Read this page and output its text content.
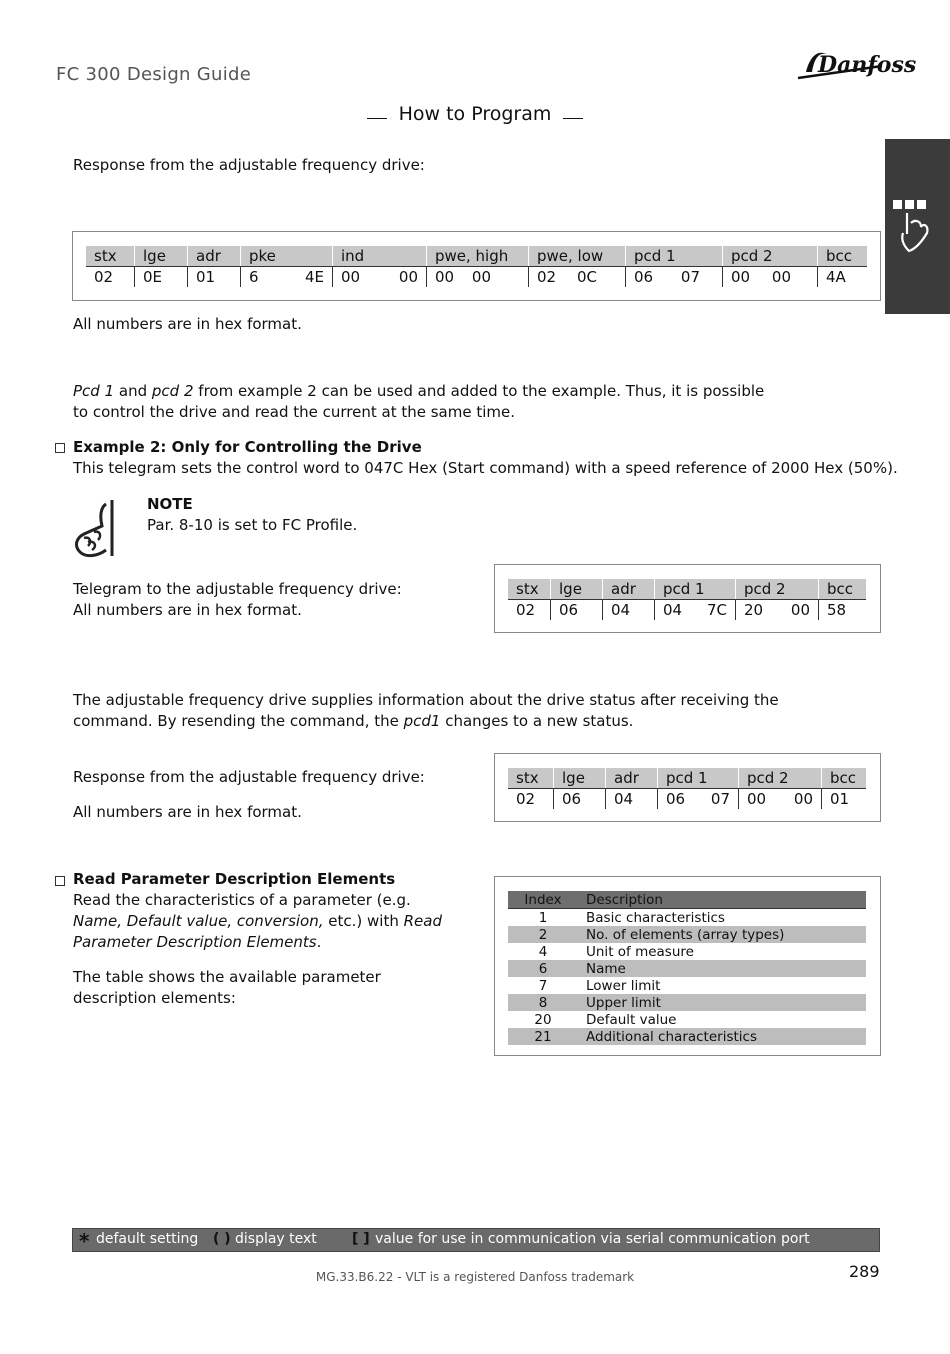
FC 300 Design Guide	Danfoss
How to Program
Response from the adjustable frequency drive:
stx	lge	adr	pke	ind	pwe, high	pwe, low	pcd 1	pcd 2	bcc
02	0E	01	6 4E	00 00	00 00	02 0C	06 07	00 00	4A
All numbers are in hex format.
Pcd 1 and pcd 2 from example 2 can be used and added to the example. Thus, it is possible
to control the drive and read the current at the same time.
Example 2: Only for Controlling the Drive
This telegram sets the control word to 047C Hex (Start command) with a speed reference of 2000 Hex (50%).
NOTE
Par. 8-10 is set to FC Profile.
Telegram to the adjustable frequency drive:
All numbers are in hex format.
stx	lge	adr	pcd 1	pcd 2	bcc
02	06	04	04 7C	20 00	58
The adjustable frequency drive supplies information about the drive status after receiving the
command. By resending the command, the pcd1 changes to a new status.
Response from the adjustable frequency drive:
All numbers are in hex format.
stx	lge	adr	pcd 1	pcd 2	bcc
02	06	04	06 07	00 00	01
Read Parameter Description Elements
Read the characteristics of a parameter (e.g.
Name, Default value, conversion, etc.) with Read
Parameter Description Elements.
The table shows the available parameter
description elements:
Index	Description
1	Basic characteristics
2	No. of elements (array types)
4	Unit of measure
6	Name
7	Lower limit
8	Upper limit
20	Default value
21	Additional characteristics
* default setting ( ) display text	[ ] value for use in communication via serial communication port
MG.33.B6.22 - VLT is a registered Danfoss trademark	289
